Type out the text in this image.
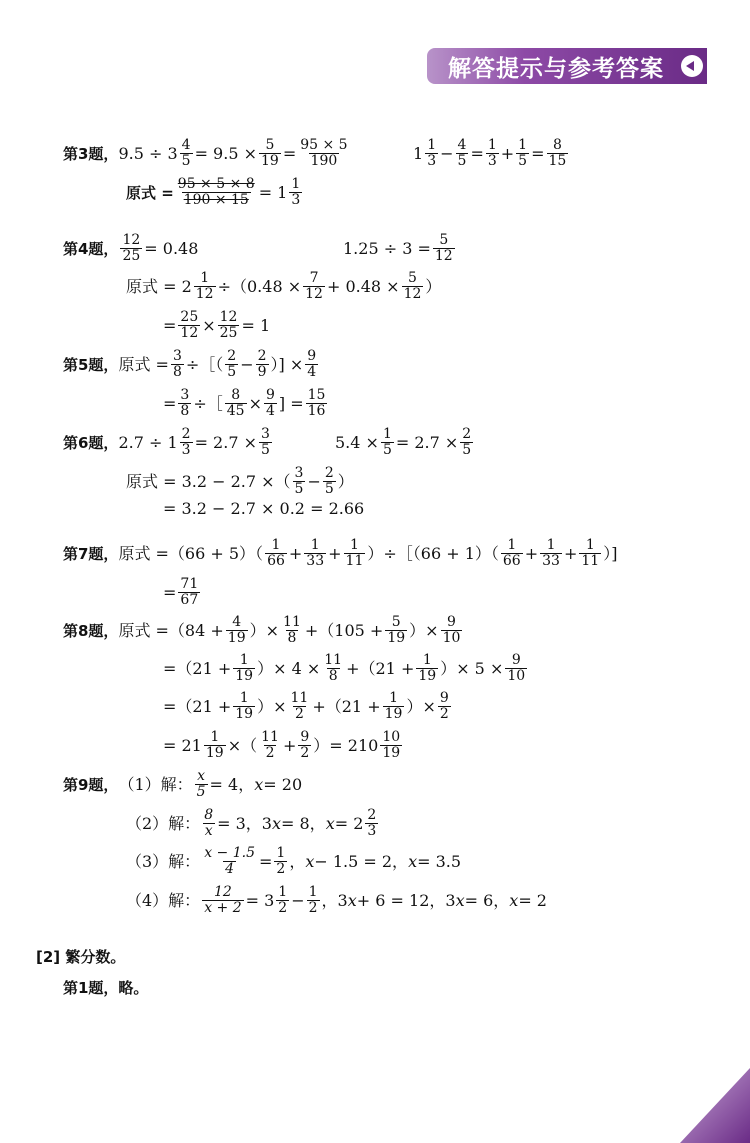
解答提示与参考答案
第3题， $9.5 \div 3 \frac{4}{5} = 9.5 \times \frac{5}{19} = \frac{95 \times 5}{190}$	$1 \frac{1}{3} - \frac{4}{5} = \frac{1}{3} + \frac{1}{5} = \frac{8}{15}$
原式 = $\frac{95 \times 5 \times 8}{190 \times 15} = 1 \frac{1}{3}$
第4题， $\frac{12}{25} = 0.48$	$1.25 \div 3 = \frac{5}{12}$
原式 = $2 \frac{1}{12} \div(0.48 \times \frac{7}{12} + 0.48 \times \frac{5}{12}$ ）
= $\frac{25}{12} \times \frac{12}{25} = 1$
第5题， 原式 = $\frac{3}{8}$ ÷［（ $\frac{2}{5} - \frac{2}{9}$ ）] × $\frac{9}{4}$
= $\frac{3}{8}$ ÷［ $\frac{8}{45} \times \frac{9}{4}$ ] = $\frac{15}{16}$
第6题， $2.7 \div 1 \frac{2}{3} = 2.7 \times \frac{3}{5}$	$5.4 \times \frac{1}{5} = 2.7 \times \frac{2}{5}$
原式 = 3.2 − 2.7 ×（ $\frac{3}{5} - \frac{2}{5}$ ）
= 3.2 − 2.7 × 0.2 = 2.66
第7题， 原式 $=(66 + 5)( \frac{1}{66} + \frac{1}{33} + \frac{1}{11}$ ）÷［（66 + $1)( \frac{1}{66} + \frac{1}{33} + \frac{1}{11}$ ）]
= $\frac{71}{67}$
第8题， 原式 $=(84 + \frac{4}{19}$ ）× $\frac{11}{8} +(105 + \frac{5}{19}$ ）× $\frac{9}{10}$
$=(21 + \frac{1}{19}$ ）× $4 \times \frac{11}{8} +(21 + \frac{1}{19}$ ）× $5 \times \frac{9}{10}$
$=(21 + \frac{1}{19}$ ）× $\frac{11}{2} +(21 + \frac{1}{19}$ ）× $\frac{9}{2}$
= $21 \frac{1}{19}$ ×（ $\frac{11}{2} + \frac{9}{2}$ ）= $210 \frac{10}{19}$
第9题， （1）解： $\frac{x}{5} = 4$， x = 20
（2）解： $\frac{8}{x} = 3$，3 x = 8， $x = 2 \frac{2}{3}$
（3）解： $\frac{x - 1.5}{4} = \frac{1}{2}$ ， x − 1.5 = 2， x = 3.5
（4）解： $\frac{12}{x + 2} = 3 \frac{1}{2} - \frac{1}{2}$ ，3 x + 6 = 12，3 x = 6， x = 2
[2] 繁分数。
第1题，略。
